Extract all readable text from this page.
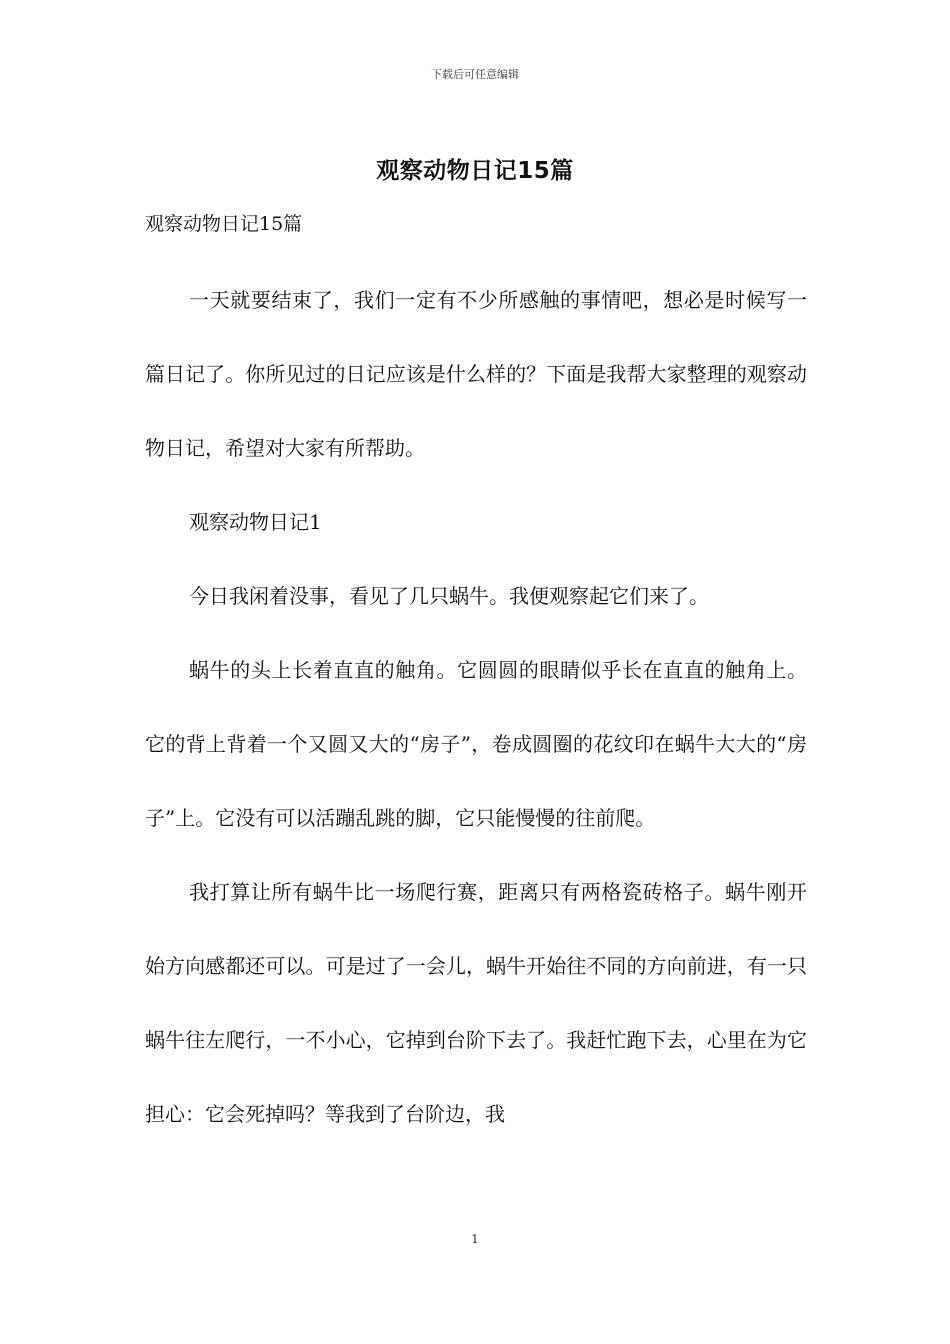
下载后可任意编辑
观察动物日记15篇

观察动物日记15篇

一天就要结束了，我们一定有不少所感触的事情吧，想必是时候写一篇日记了。你所见过的日记应该是什么样的？下面是我帮大家整理的观察动物日记，希望对大家有所帮助。

观察动物日记1

今日我闲着没事，看见了几只蜗牛。我便观察起它们来了。

蜗牛的头上长着直直的触角。它圆圆的眼睛似乎长在直直的触角上。它的背上背着一个又圆又大的“房子”，卷成圆圈的花纹印在蜗牛大大的“房子”上。它没有可以活蹦乱跳的脚，它只能慢慢的往前爬。

我打算让所有蜗牛比一场爬行赛，距离只有两格瓷砖格子。蜗牛刚开始方向感都还可以。可是过了一会儿，蜗牛开始往不同的方向前进，有一只蜗牛往左爬行，一不小心，它掉到台阶下去了。我赶忙跑下去，心里在为它担心：它会死掉吗？等我到了台阶边，我

1
